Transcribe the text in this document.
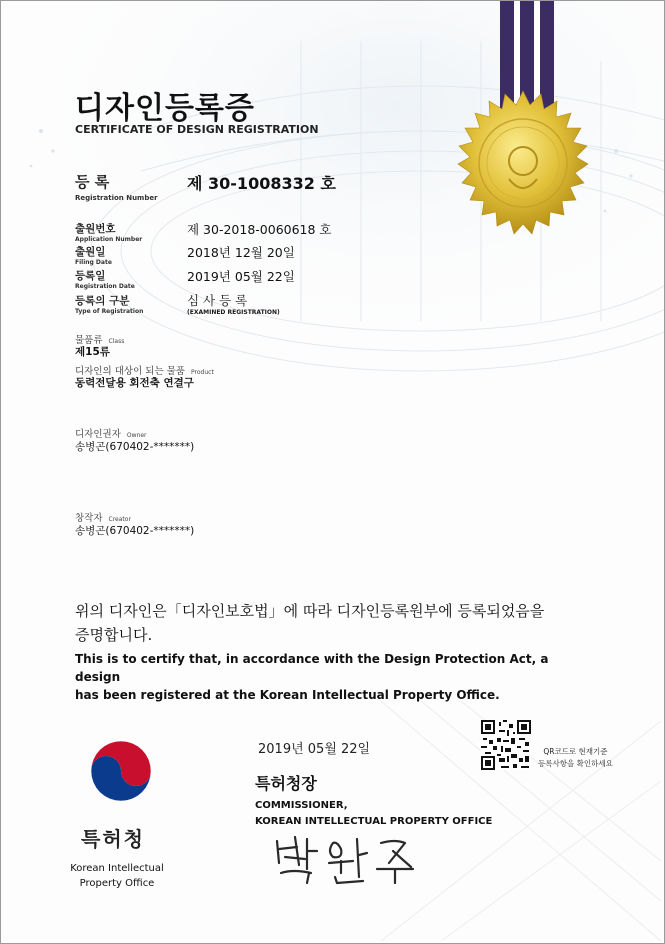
디자인등록증
CERTIFICATE OF DESIGN REGISTRATION
등 록
Registration Number
제 30-1008332 호
출원번호
Application Number
제 30-2018-0060618 호
출원일
Filing Date
2018년 12월 20일
등록일
Registration Date
2019년 05월 22일
등록의 구분
Type of Registration
심 사 등 록
(EXAMINED REGISTRATION)
물품류 Class
제15류
디자인의 대상이 되는 물품 Product
동력전달용 회전축 연결구
디자인권자 Owner
송병곤(670402-*******)
창작자 Creator
송병곤(670402-*******)
위의 디자인은「디자인보호법」에 따라 디자인등록원부에 등록되었음을
증명합니다.
This is to certify that, in accordance with the Design Protection Act, a design
has been registered at the Korean Intellectual Property Office.
2019년 05월 22일	QR코드로 현재기준
등록사항을 확인하세요
특허청장
COMMISSIONER,
KOREAN INTELLECTUAL PROPERTY OFFICE
특허청
Korean Intellectual
Property Office
